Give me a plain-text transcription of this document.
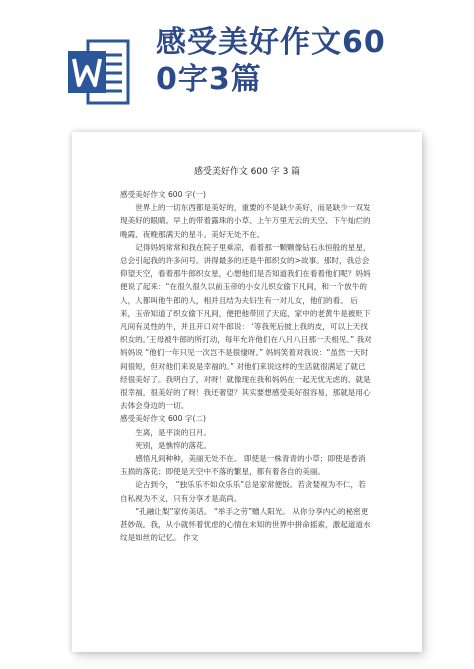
感受美好作文60
0字3篇
感受美好作文 600 字 3 篇

感受美好作文 600 字(一)

世界上的一切东西都是美好的，重要的不是缺少美好，而是缺少一双发现美好的眼睛。早上的带着露珠的小草、上午万里无云的天空、下午灿烂的晚霞、夜晚那满天的星斗。美好无处不在。

记得妈妈常常和我在院子里乘凉，看着那一颗颗像钻石永恒般的星星，总会引起我的许多问号。讲得最多的还是牛郎织女的>故事。那时，我总会仰望天空，看着那牛郎织女星，心想他们是否知道我们在看着他们呢？妈妈便说了起来：“在很久很久以前玉帝的小女儿织女偷下凡间，和一个放牛的人，人都叫他牛郎的人，相并且结为夫妇生有一对儿女，他们的看。 后来，玉帝知道了织女偷下凡间，便把他带回了天庭，家中的老黄牛是被贬下凡间有灵性的牛，并且开口对牛郎说： ‘等我死后披上我的皮，可以上天找织女的。’王母被牛郎的所打动，每年允许他们在八月八日那一天相见。” 我对妈妈说 “他们一年只见一次岂不是很悽呀。” 妈妈笑着对我说：“虽然一天时间很短，但对他们来说是幸福的。” 对他们来说这样的生活就很满足了就已经很美好了。我明白了，对呀！就像现在我和妈妈在一起无忧无虑的、就是很幸福，很美好的了呀！我还奢望？其实要想感受美好很容易，那就是用心去体会身边的一切。

感受美好作文 600 字(二)

生离，是平淡的日月。

死别，是憔悴的落花。

感悟凡间种种，美丽无处不在。 即使是一株青青的小草；即使是香消玉损的落花；即使是天空中不落的繁星，都有着各自的美丽。

论古到今， “独乐乐不如众乐乐”总是家常便饭。若贪婪视为不仁，若自私视为不义，只有分享才是高尚。

“孔融让梨”家传美话。 “举手之劳”赠人阳光。 从你分享内心的秘密更甚妙哉。我，从小就怀着忧虑的心情在未知的世界中拼命摇索，激起道道水纹是如丝的记忆。 作文
